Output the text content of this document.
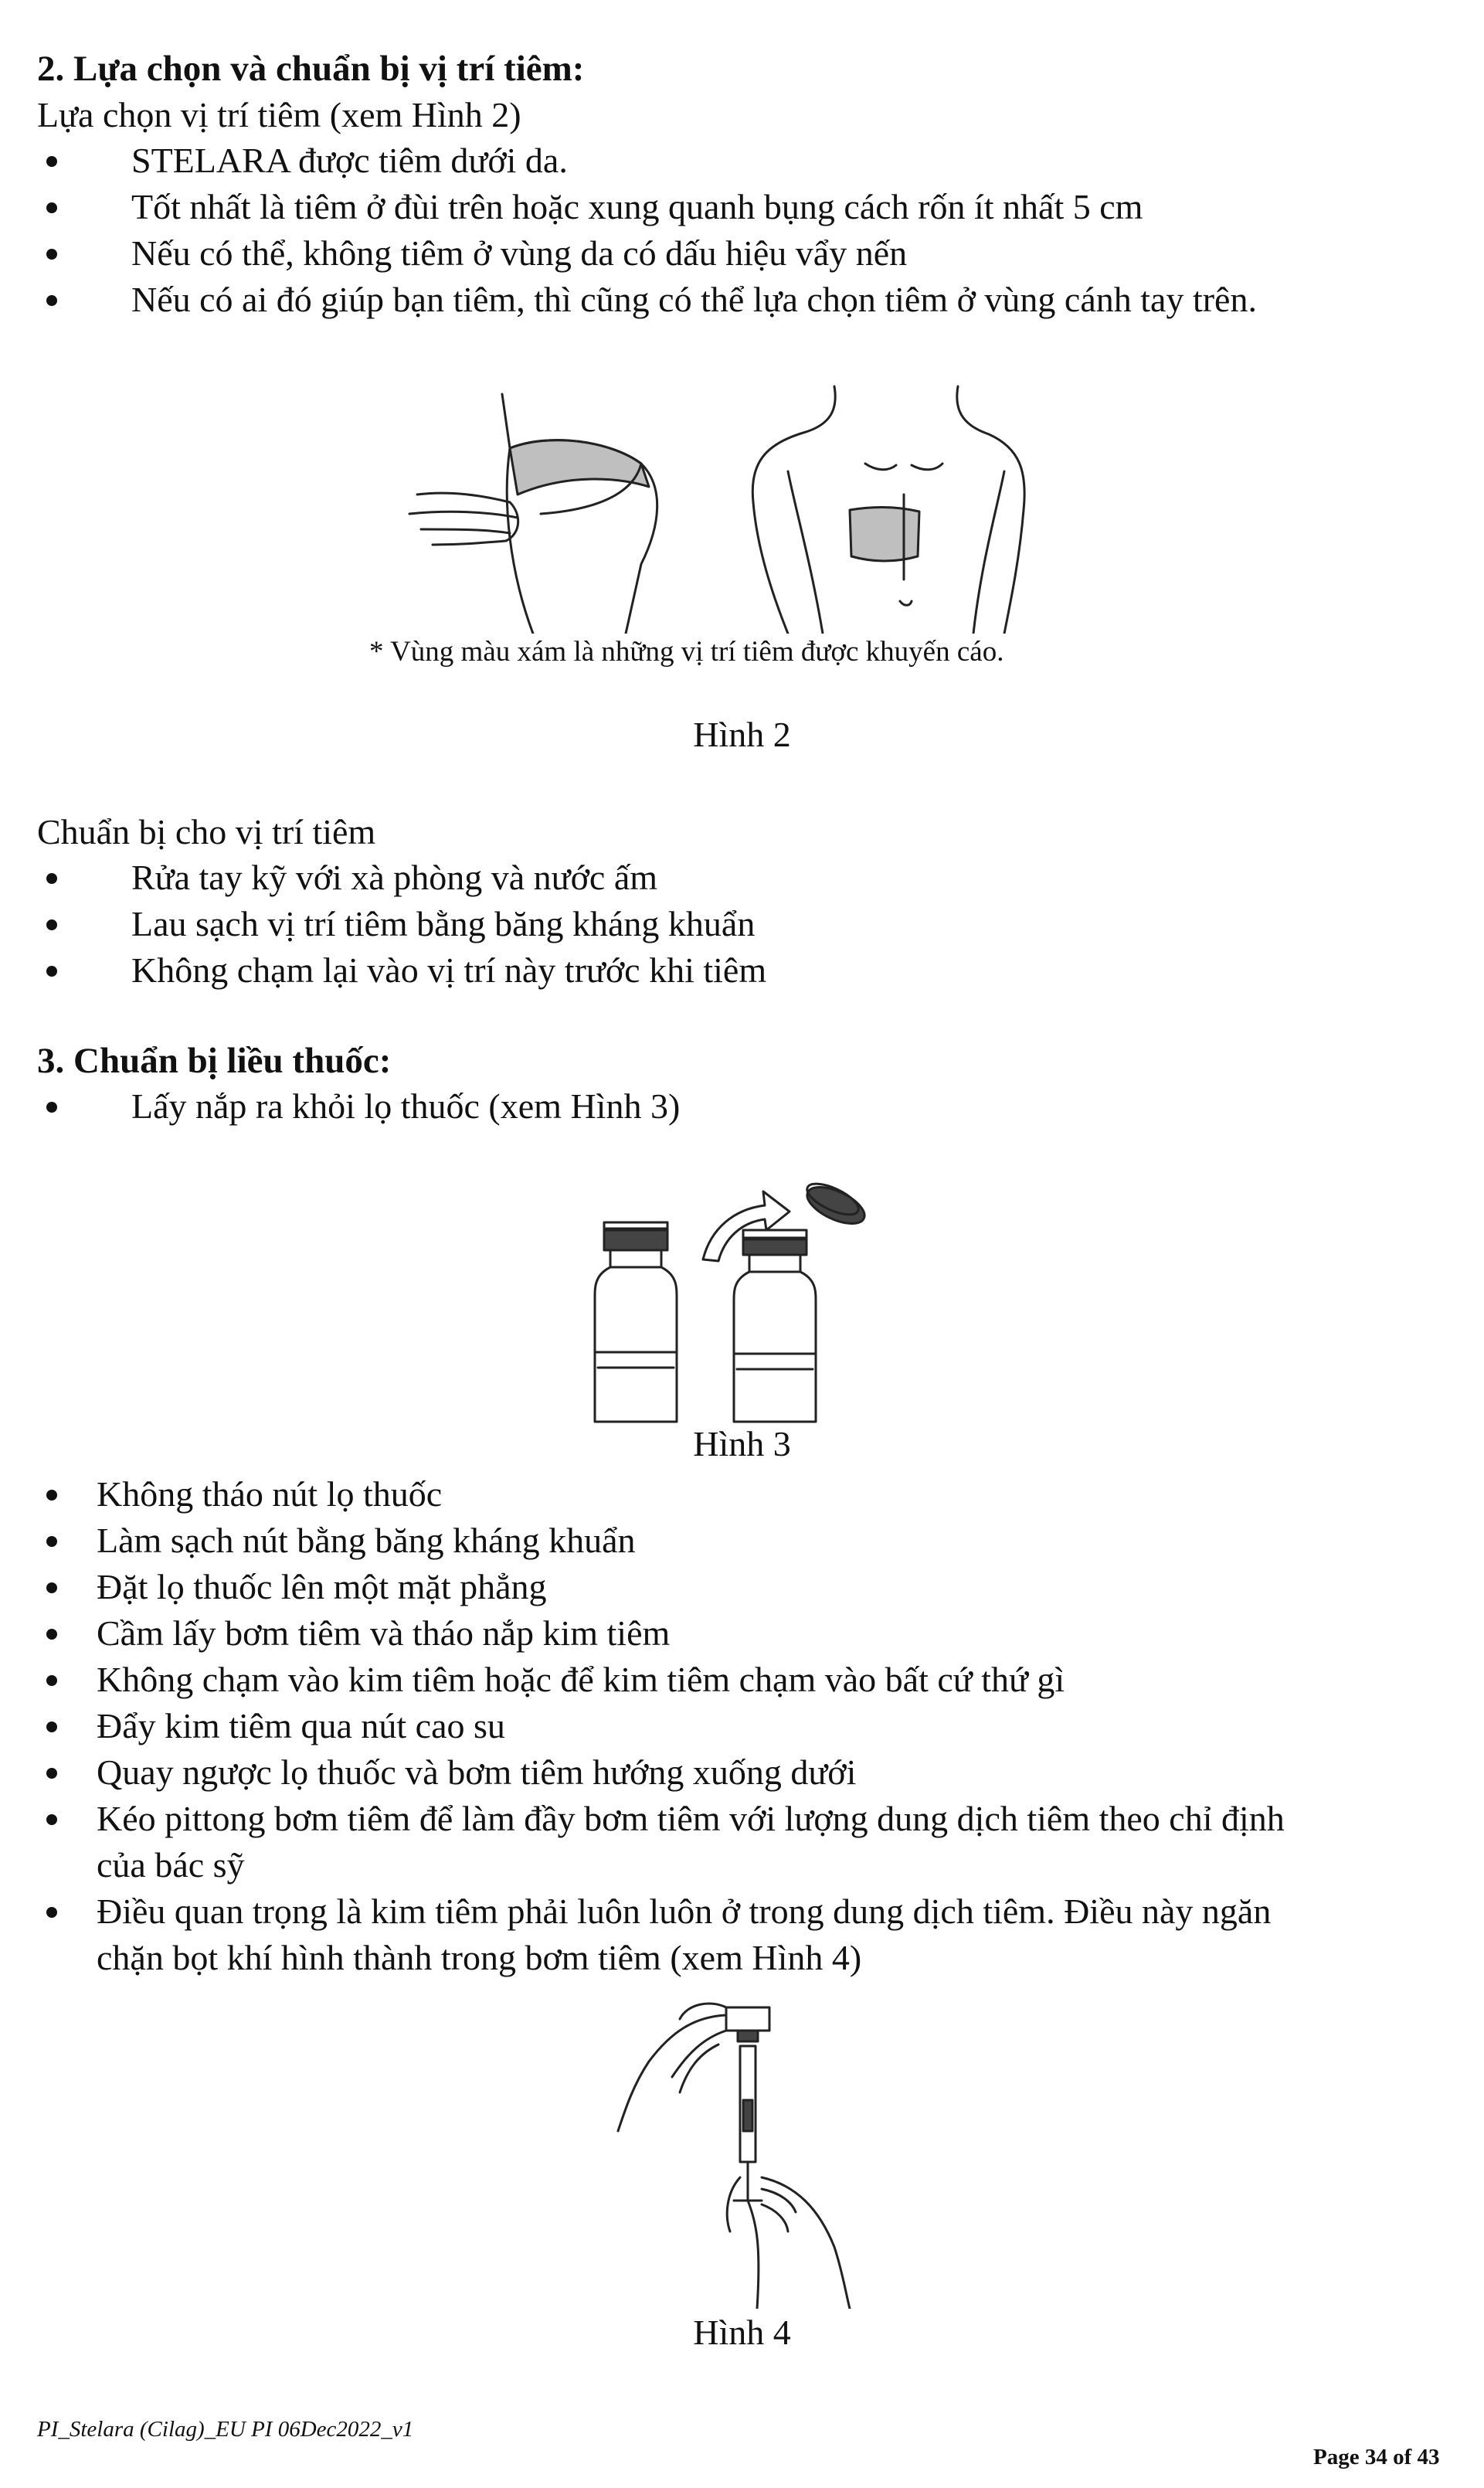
2. Lựa chọn và chuẩn bị vị trí tiêm:
Lựa chọn vị trí tiêm (xem Hình 2)
STELARA được tiêm dưới da.
Tốt nhất là tiêm ở đùi trên hoặc xung quanh bụng cách rốn ít nhất 5 cm
Nếu có thể, không tiêm ở vùng da có dấu hiệu vẩy nến
Nếu có ai đó giúp bạn tiêm, thì cũng có thể lựa chọn tiêm ở vùng cánh tay trên.
* Vùng màu xám là những vị trí tiêm được khuyến cáo.
Hình 2
Chuẩn bị cho vị trí tiêm
Rửa tay kỹ với xà phòng và nước ấm
Lau sạch vị trí tiêm bằng băng kháng khuẩn
Không chạm lại vào vị trí này trước khi tiêm
3. Chuẩn bị liều thuốc:
Lấy nắp ra khỏi lọ thuốc (xem Hình 3)
Hình 3
Không tháo nút lọ thuốc
Làm sạch nút bằng băng kháng khuẩn
Đặt lọ thuốc lên một mặt phẳng
Cầm lấy bơm tiêm và tháo nắp kim tiêm
Không chạm vào kim tiêm hoặc để kim tiêm chạm vào bất cứ thứ gì
Đẩy kim tiêm qua nút cao su
Quay ngược lọ thuốc và bơm tiêm hướng xuống dưới
Kéo pittong bơm tiêm để làm đầy bơm tiêm với lượng dung dịch tiêm theo chỉ định
của bác sỹ
Điều quan trọng là kim tiêm phải luôn luôn ở trong dung dịch tiêm. Điều này ngăn
chặn bọt khí hình thành trong bơm tiêm (xem Hình 4)
Hình 4
PI_Stelara (Cilag)_EU PI 06Dec2022_v1
Page 34 of 43
